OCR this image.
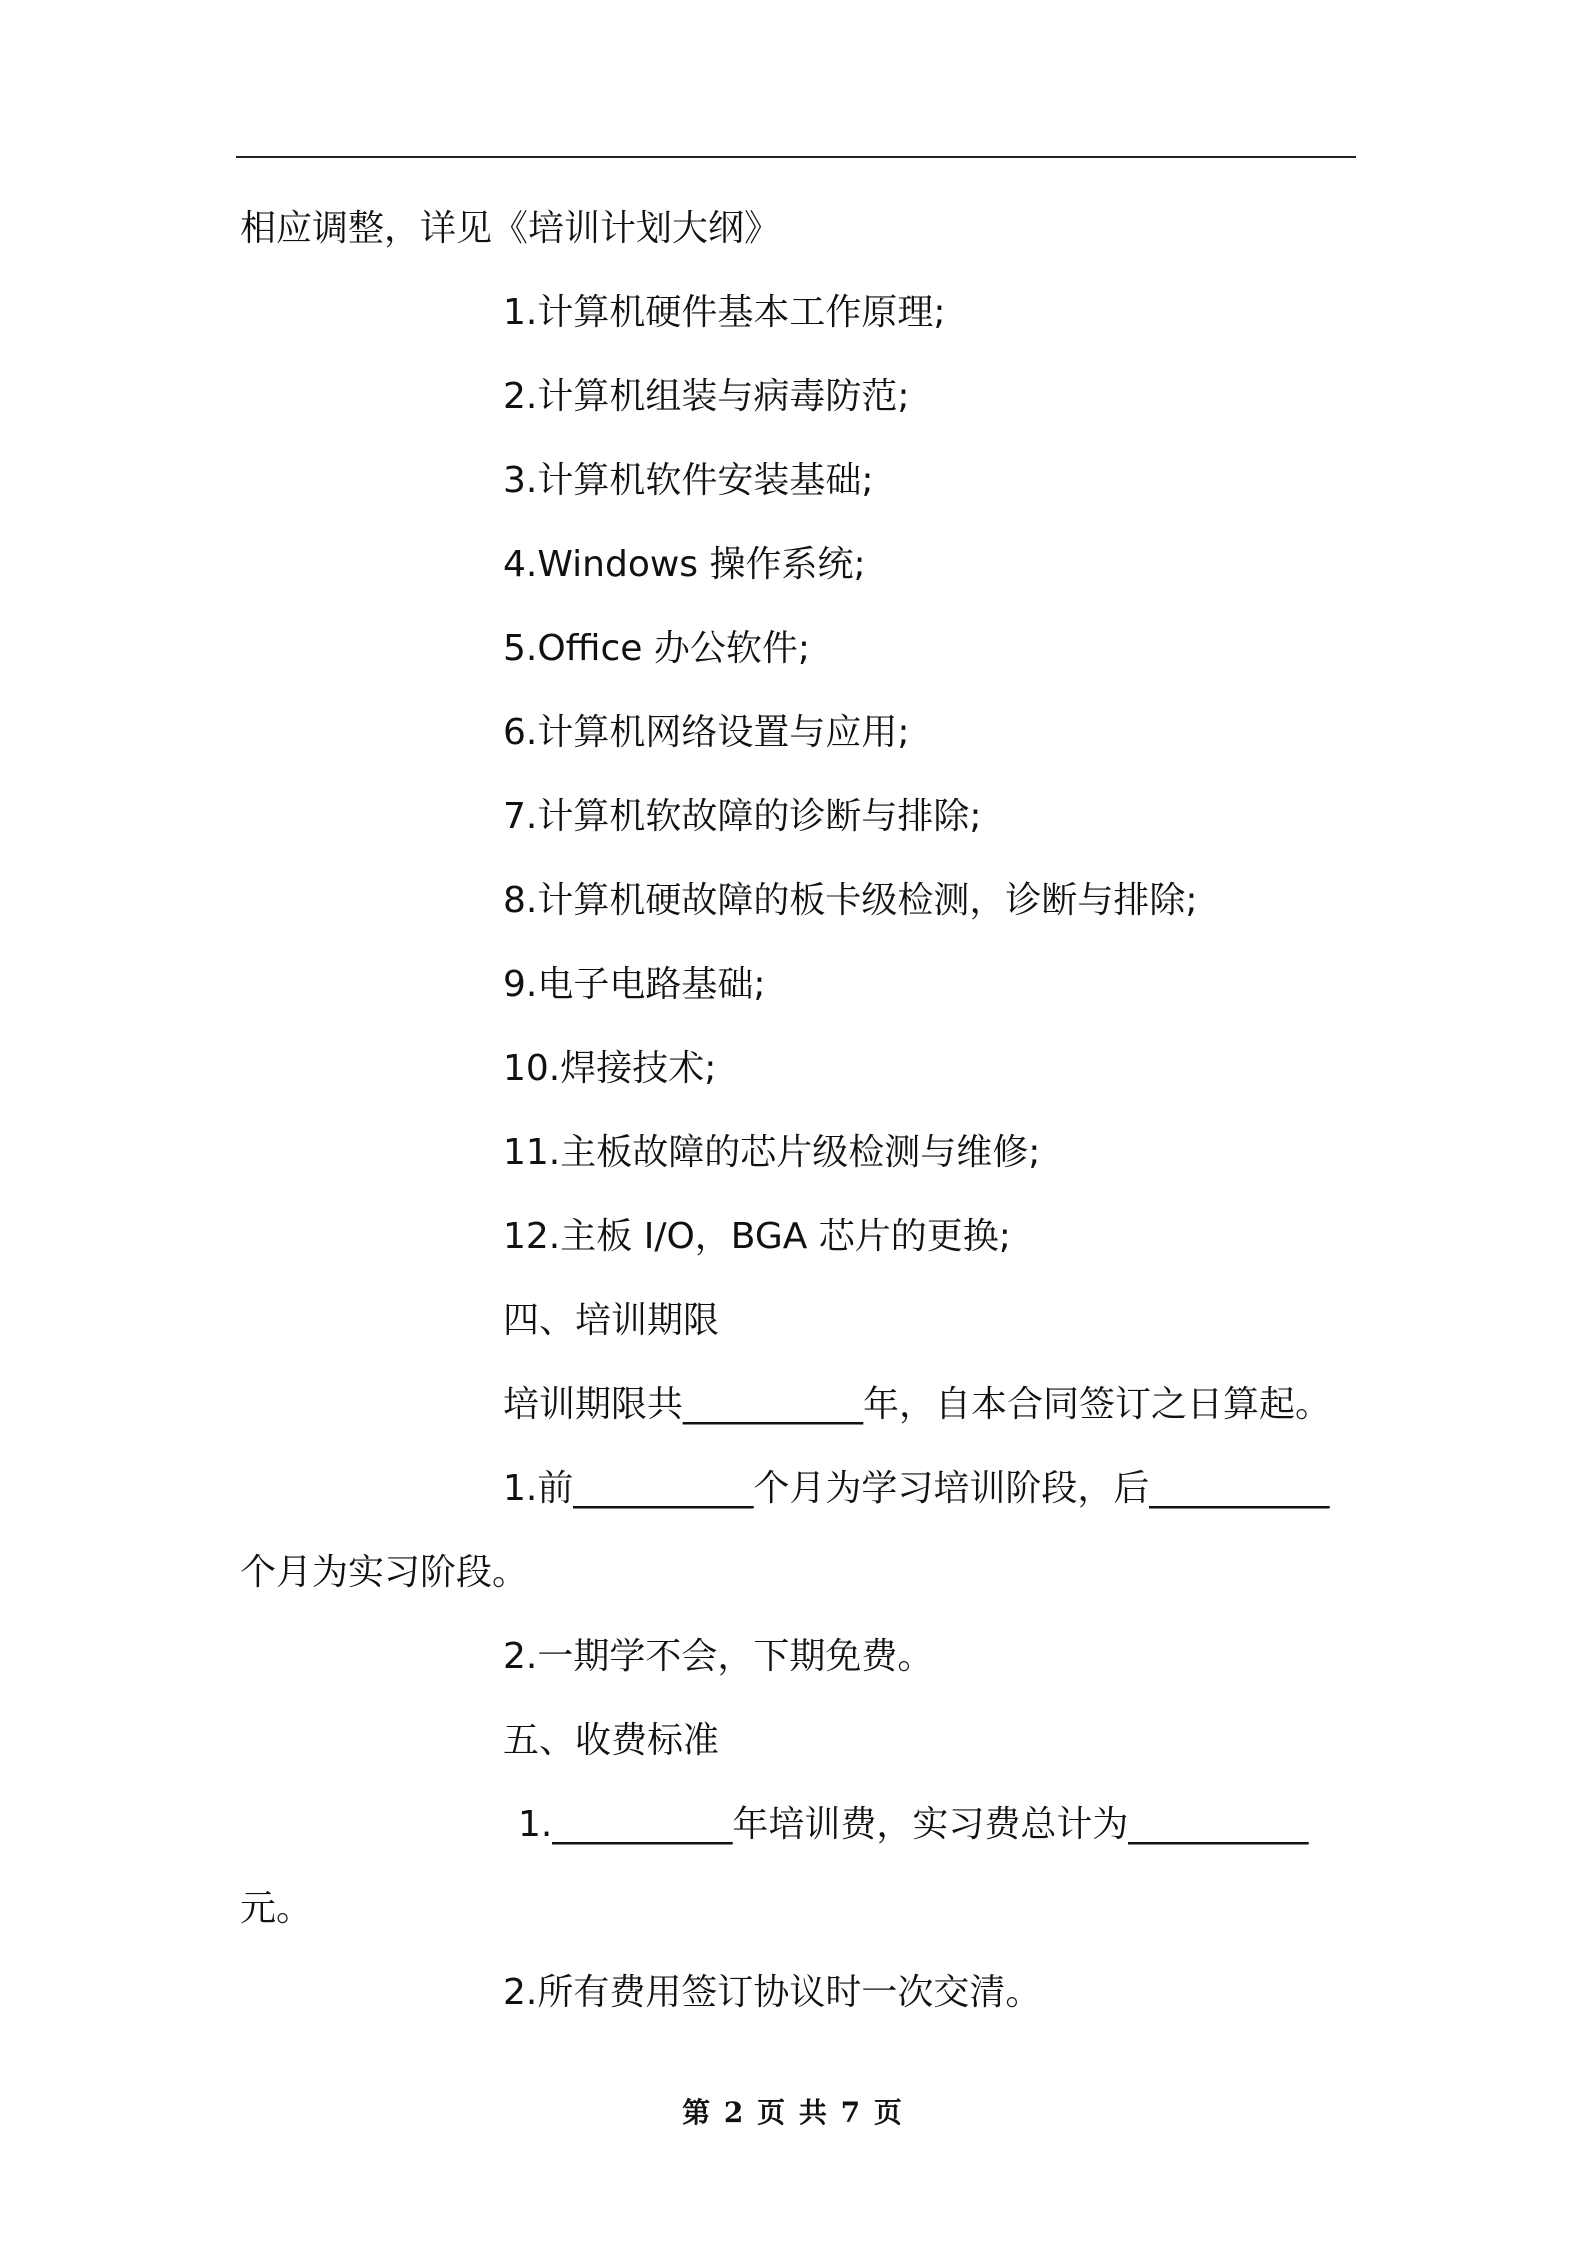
相应调整，详见《培训计划大纲》
1.计算机硬件基本工作原理;
2.计算机组装与病毒防范;
3.计算机软件安装基础;
4.Windows 操作系统;
5.Office 办公软件;
6.计算机网络设置与应用;
7.计算机软故障的诊断与排除;
8.计算机硬故障的板卡级检测，诊断与排除;
9.电子电路基础;
10.焊接技术;
11.主板故障的芯片级检测与维修;
12.主板 I/O，BGA 芯片的更换;
四、培训期限
培训期限共__________年，自本合同签订之日算起。
1.前__________个月为学习培训阶段，后__________
个月为实习阶段。
2.一期学不会，下期免费。
五、收费标准
1.__________年培训费，实习费总计为__________
元。
2.所有费用签订协议时一次交清。
第 2 页 共 7 页
